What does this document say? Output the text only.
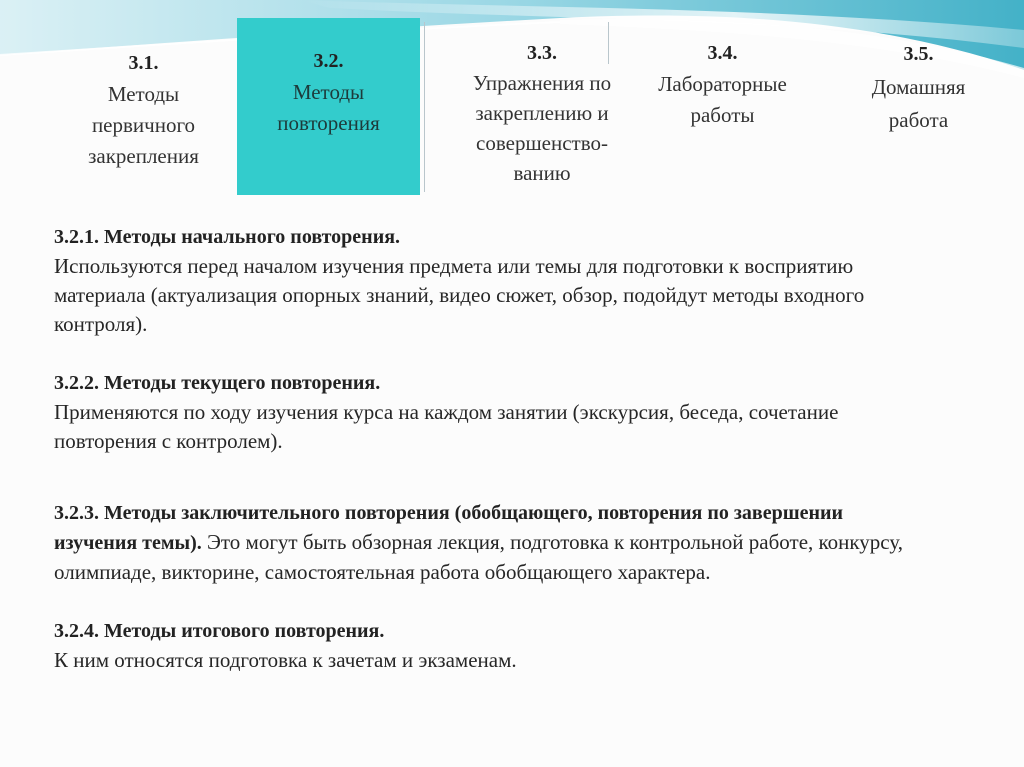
3.1.
Методы первичного закрепления
3.2.
Методы повторения
3.3.
Упражнения по закреплению и совершенство-ванию
3.4.
Лабораторные работы
3.5.
Домашняя работа

3.2.1. Методы начального повторения.
Используются перед началом изучения предмета или темы для подготовки к восприятию материала (актуализация опорных знаний, видео сюжет, обзор, подойдут методы входного контроля).

3.2.2. Методы текущего повторения.
Применяются по ходу изучения курса на каждом занятии (экскурсия, беседа, сочетание повторения с контролем).

3.2.3. Методы заключительного повторения (обобщающего, повторения по завершении изучения темы). Это могут быть обзорная лекция, подготовка к контрольной работе, конкурсу, олимпиаде, викторине, самостоятельная работа обобщающего характера.

3.2.4. Методы итогового повторения.
К ним относятся подготовка к зачетам и экзаменам.
